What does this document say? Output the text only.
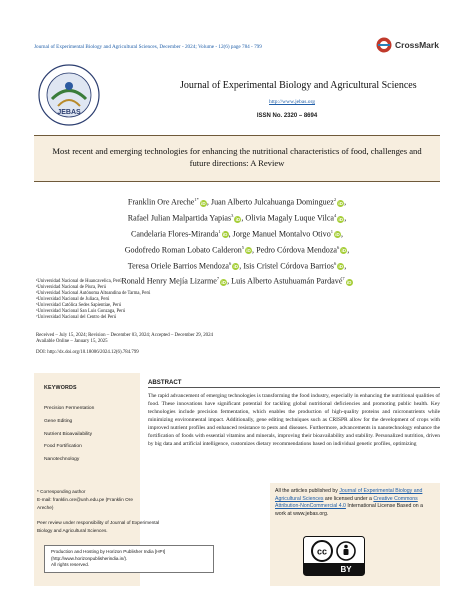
Journal of Experimental Biology and Agricultural Sciences, December - 2024; Volume - 12(6) page 784 - 799	CrossMark
JEBAS
Journal of Experimental Biology and Agricultural Sciences
http://www.jebas.org
ISSN No. 2320 – 8694
Most recent and emerging technologies for enhancing the nutritional characteristics of food, challenges and future directions: A Review
Franklin Ore Areche$^{1*}$iD, Juan Alberto Julcahuanga Dominguez$^2$iD,
Rafael Julian Malpartida Yapias$^3$iD, Olivia Magaly Luque Vilca$^4$iD,
Candelaria Flores-Miranda$^1$iD, Jorge Manuel Montalvo Otivo$^1$iD,
Godofredo Roman Lobato Calderon$^5$iD, Pedro Córdova Mendoza$^6$iD,
Teresa Oriele Barrios Mendoza$^6$iD, Isis Cristel Córdova Barrios$^6$iD,
Ronald Henry Mejía Lizarme$^7$iD, Luis Alberto Astuhuamán Pardavé$^7$iD
¹Universidad Nacional de Huancavelica, Perú
²Universidad Nacional de Piura, Perú
³Universidad Nacional Autónoma Altoandina de Tarma, Perú
⁴Universidad Nacional de Juliaca, Perú
⁵Universidad Católica Sedes Sapientiae, Perú
⁶Universidad Nacional San Luis Gonzaga, Perú
⁷Universidad Nacional del Centro del Perú
Received – July 15, 2024; Revision – December 03, 2024; Accepted – December 29, 2024
Available Online – January 15, 2025
DOI: http://dx.doi.org/10.18006/2024.12(6).784.799
KEYWORDS
Precision Fermentation
Gene Editing
Nutrient Bioavailability
Food Fortification
Nanotechnology
* Corresponding author
E-mail: franklin.ore@unh.edu.pe (Franklin Ore Areche)
Peer review under responsibility of Journal of Experimental Biology and Agricultural Sciences.
Production and Hosting by Horizon Publisher India [HPI]
(http://www.horizonpublisherindia.in/).
All rights reserved.
ABSTRACT
The rapid advancement of emerging technologies is transforming the food industry, especially in enhancing the nutritional qualities of food. These innovations have significant potential for tackling global nutritional deficiencies and promoting public health. Key technologies include precision fermentation, which enables the production of high-quality proteins and micronutrients while minimizing environmental impact. Additionally, gene editing techniques such as CRISPR allow for the development of crops with improved nutrient profiles and enhanced resistance to pests and diseases. Furthermore, advancements in nanotechnology enhance the fortification of foods with essential vitamins and minerals, improving their bioavailability and stability. Personalized nutrition, driven by big data and artificial intelligence, customizes dietary recommendations based on individual genetic profiles, optimizing
All the articles published by Journal of Experimental Biology and Agricultural Sciences are licensed under a Creative Commons Attribution-NonCommercial 4.0 International License Based on a work at www.jebas.org.
cc
BY
